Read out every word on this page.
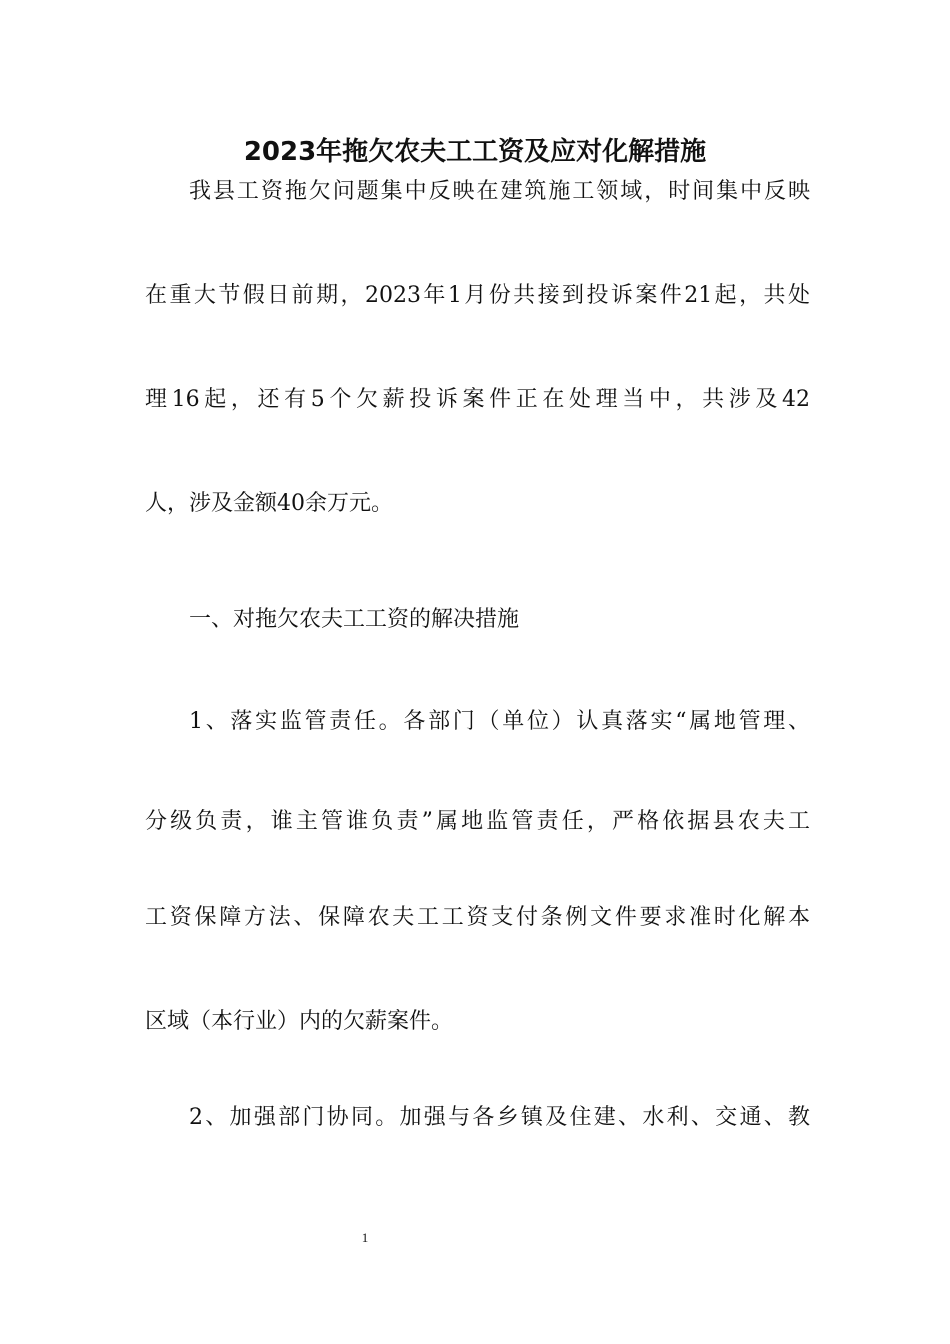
2023年拖欠农夫工工资及应对化解措施

我县工资拖欠问题集中反映在建筑施工领域，时间集中反映

在重大节假日前期，2023年1月份共接到投诉案件21起，共处

理16起，还有5个欠薪投诉案件正在处理当中，共涉及42

人，涉及金额40余万元。

一、对拖欠农夫工工资的解决措施

1、落实监管责任。各部门（单位）认真落实“属地管理、

分级负责，谁主管谁负责”属地监管责任，严格依据县农夫工

工资保障方法、保障农夫工工资支付条例文件要求准时化解本

区域（本行业）内的欠薪案件。

2、加强部门协同。加强与各乡镇及住建、水利、交通、教

1
